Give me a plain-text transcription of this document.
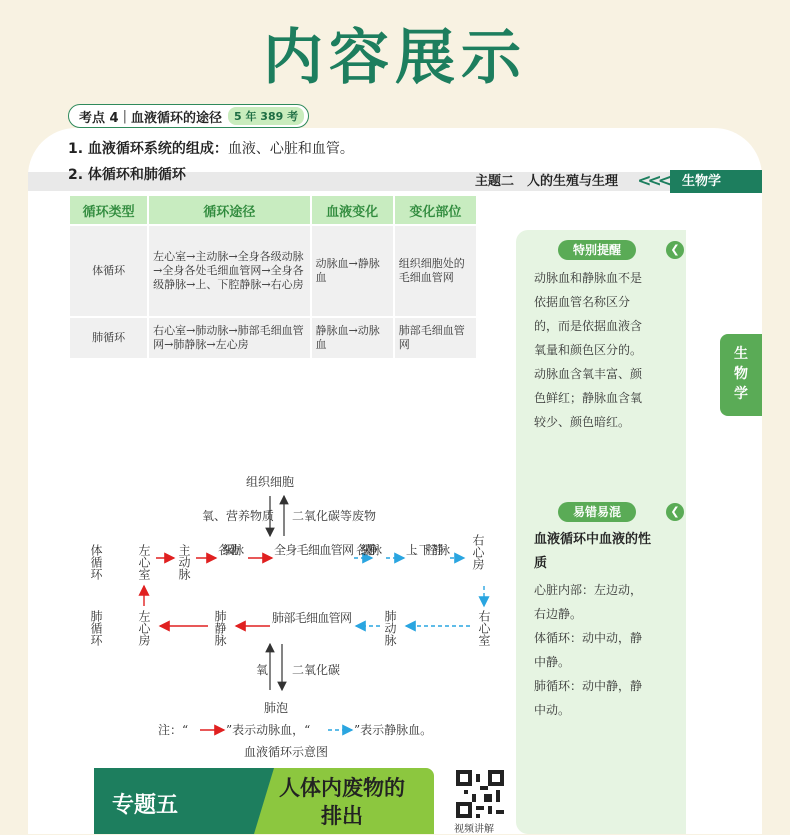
内容展示
主题二　人的生殖与生理 <<<	生物学
考点 4 | 血液循环的途径	5 年 389 考
1. 血液循环系统的组成：血液、心脏和血管。
2. 体循环和肺循环
循环类型	循环途径	血液变化	变化部位
体循环	左心室→主动脉→全身各级动脉→全身各处毛细血管网→全身各级静脉→上、下腔静脉→右心房	动脉血→静脉血	组织细胞处的毛细血管网
肺循环	右心室→肺动脉→肺部毛细血管网→肺静脉→左心房	静脉血→动脉血	肺部毛细血管网
组织细胞
氧、营养物质 二氧化碳等废物
体循环	左心室 主动脉 各级动脉	全身毛细血管网 各级静脉 上、下腔静脉 右心房
肺循环	左心房	肺静脉	肺部毛细血管网	肺动脉	右心室
氧 二氧化碳
肺泡
注：“	”表示动脉血，“	”表示静脉血。
血液循环示意图
特别提醒	❮
动脉血和静脉血不是
依据血管名称区分
的，而是依据血液含
氧量和颜色区分的。
动脉血含氧丰富、颜
色鲜红；静脉血含氧
较少、颜色暗红。
易错易混	❮
血液循环中血液的性
质
心脏内部：左边动，
右边静。
体循环：动中动，静
中静。
肺循环：动中静，静
中动。
生
物
学
专题五
人体内废物的
排出
视频讲解
